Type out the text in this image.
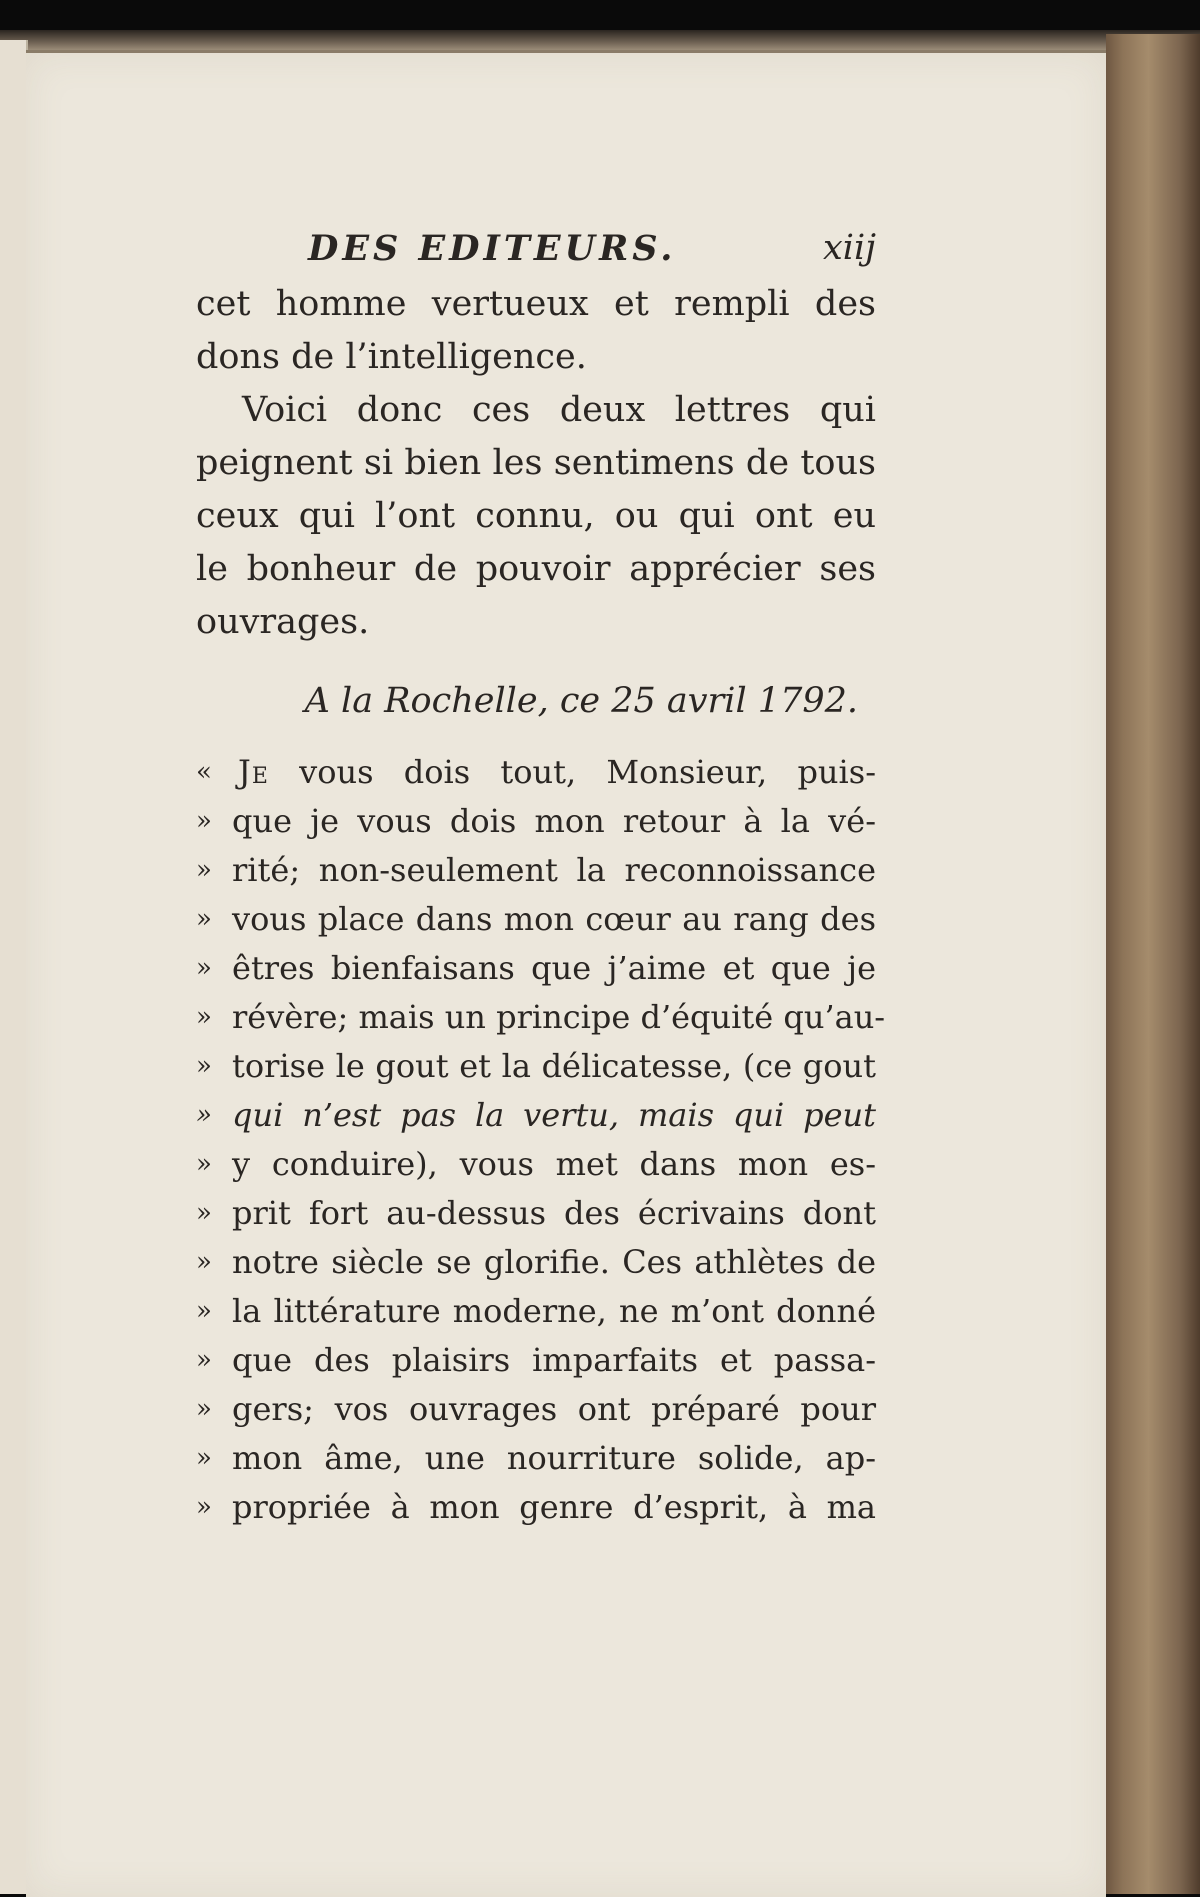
DES EDITEURS.	xiij
cet homme vertueux et rempli des
dons de l’intelligence.
Voici donc ces deux lettres qui
peignent si bien les sentimens de tous
ceux qui l’ont connu, ou qui ont eu
le bonheur de pouvoir apprécier ses
ouvrages.
A la Rochelle, ce 25 avril 1792.
« Je vous dois tout, Monsieur, puis-
» que je vous dois mon retour à la vé-
» rité; non-seulement la reconnoissance
» vous place dans mon cœur au rang des
» êtres bienfaisans que j’aime et que je
» révère; mais un principe d’équité qu’au-
» torise le gout et la délicatesse, (ce gout
» qui n’est pas la vertu, mais qui peut
» y conduire), vous met dans mon es-
» prit fort au-dessus des écrivains dont
» notre siècle se glorifie. Ces athlètes de
» la littérature moderne, ne m’ont donné
» que des plaisirs imparfaits et passa-
» gers; vos ouvrages ont préparé pour
» mon âme, une nourriture solide, ap-
» propriée à mon genre d’esprit, à ma
